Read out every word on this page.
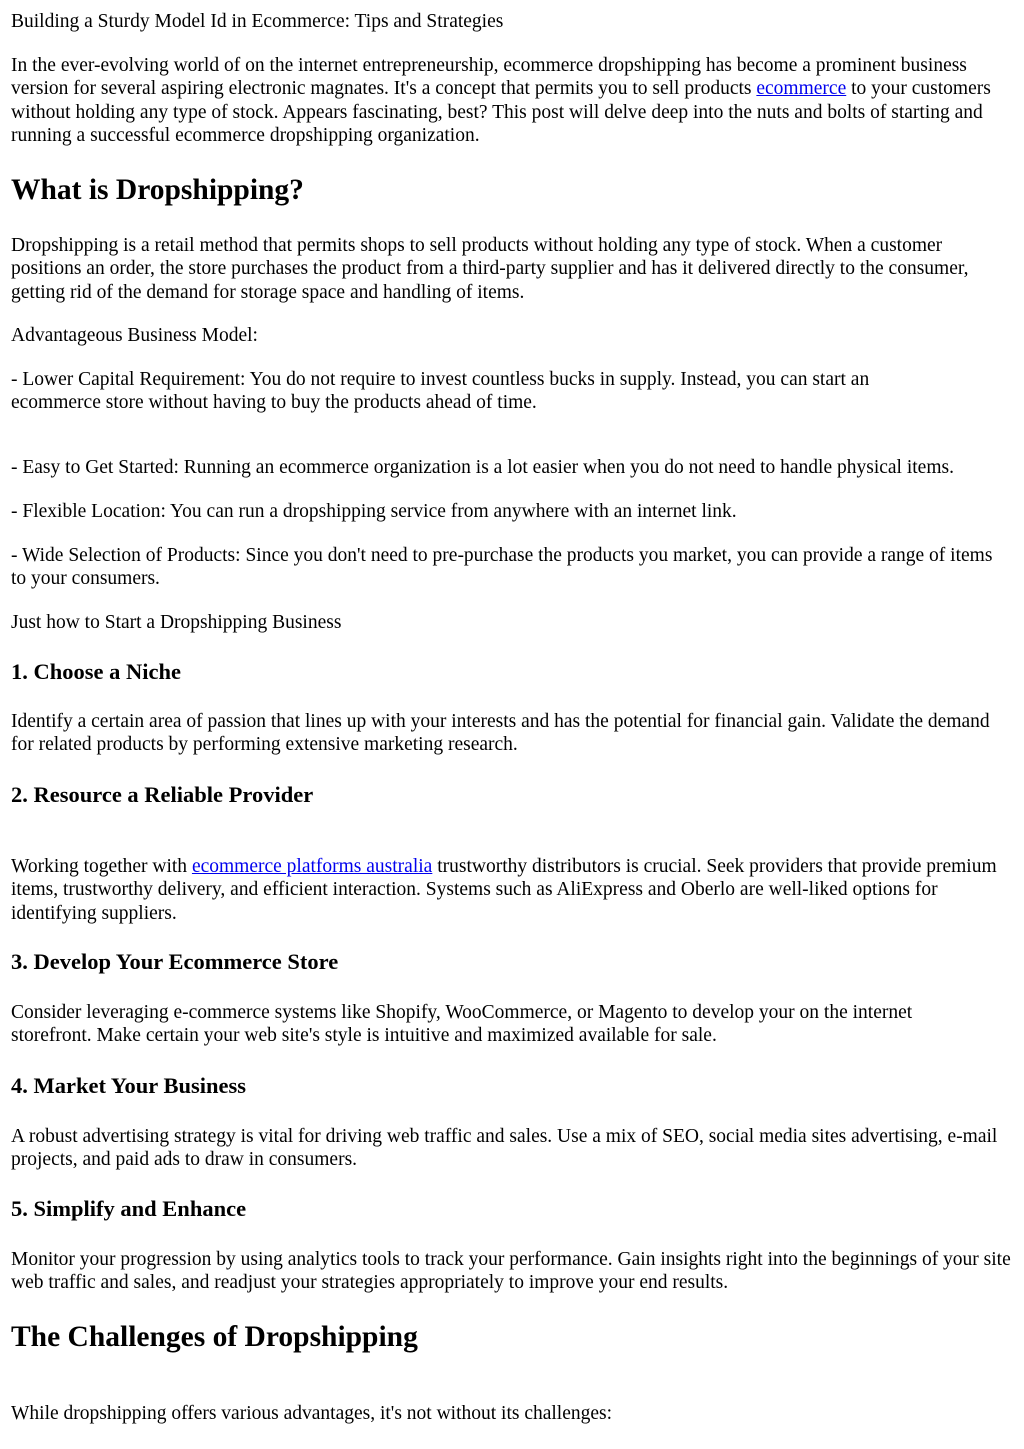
Building a Sturdy Model Id in Ecommerce: Tips and Strategies

In the ever-evolving world of on the internet entrepreneurship, ecommerce dropshipping has become a prominent business version for several aspiring electronic magnates. It's a concept that permits you to sell products ecommerce to your customers without holding any type of stock. Appears fascinating, best? This post will delve deep into the nuts and bolts of starting and running a successful ecommerce dropshipping organization.

What is Dropshipping?

Dropshipping is a retail method that permits shops to sell products without holding any type of stock. When a customer positions an order, the store purchases the product from a third-party supplier and has it delivered directly to the consumer, getting rid of the demand for storage space and handling of items.

Advantageous Business Model:

- Lower Capital Requirement: You do not require to invest countless bucks in supply. Instead, you can start an ecommerce store without having to buy the products ahead of time.

- Easy to Get Started: Running an ecommerce organization is a lot easier when you do not need to handle physical items.

- Flexible Location: You can run a dropshipping service from anywhere with an internet link.

- Wide Selection of Products: Since you don't need to pre-purchase the products you market, you can provide a range of items to your consumers.

Just how to Start a Dropshipping Business

1. Choose a Niche

Identify a certain area of passion that lines up with your interests and has the potential for financial gain. Validate the demand for related products by performing extensive marketing research.

2. Resource a Reliable Provider

Working together with ecommerce platforms australia trustworthy distributors is crucial. Seek providers that provide premium items, trustworthy delivery, and efficient interaction. Systems such as AliExpress and Oberlo are well-liked options for identifying suppliers.

3. Develop Your Ecommerce Store

Consider leveraging e-commerce systems like Shopify, WooCommerce, or Magento to develop your on the internet storefront. Make certain your web site's style is intuitive and maximized available for sale.

4. Market Your Business

A robust advertising strategy is vital for driving web traffic and sales. Use a mix of SEO, social media sites advertising, e-mail projects, and paid ads to draw in consumers.

5. Simplify and Enhance

Monitor your progression by using analytics tools to track your performance. Gain insights right into the beginnings of your site web traffic and sales, and readjust your strategies appropriately to improve your end results.

The Challenges of Dropshipping

While dropshipping offers various advantages, it's not without its challenges:
